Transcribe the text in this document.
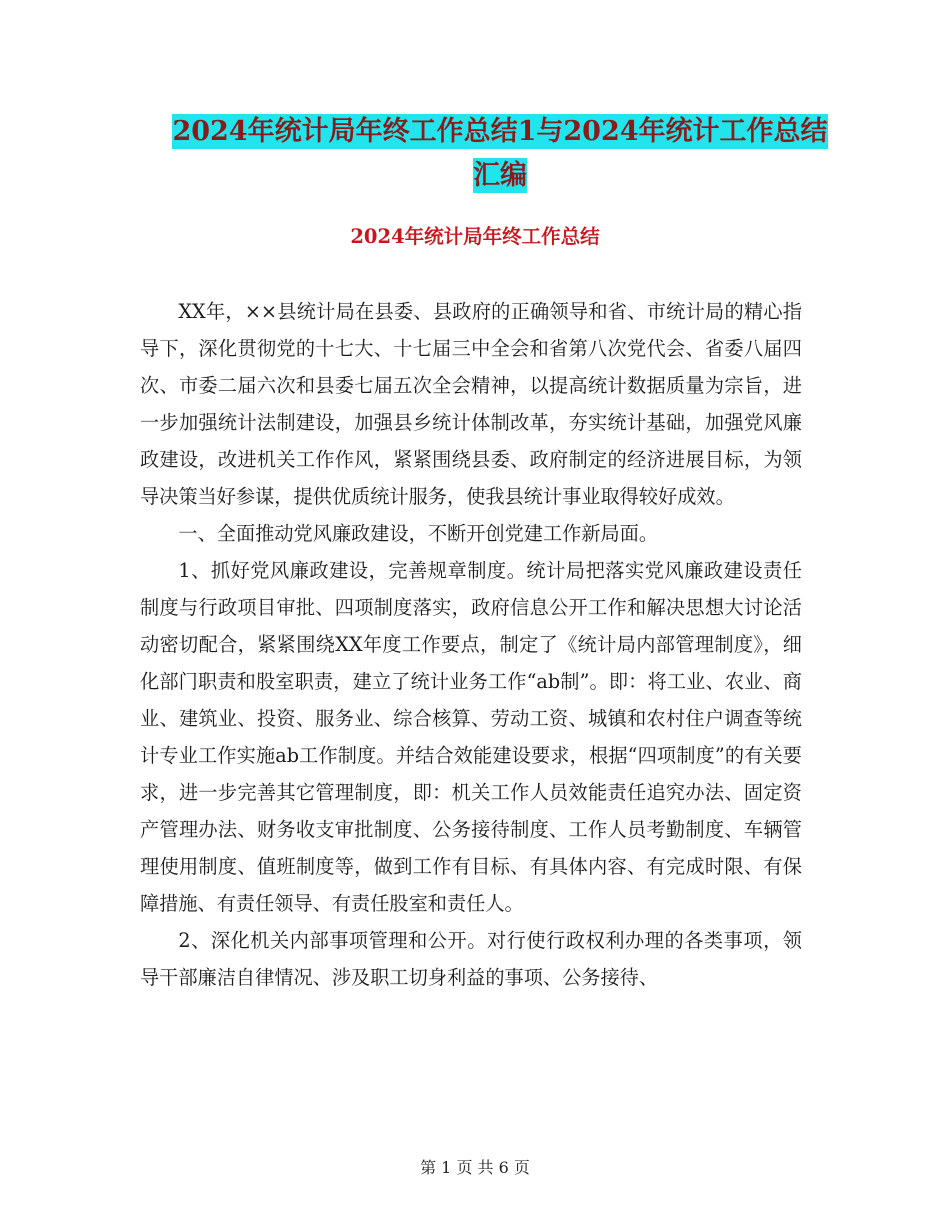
2024年统计局年终工作总结1与2024年统计工作总结
汇编
2024年统计局年终工作总结

XX年，××县统计局在县委、县政府的正确领导和省、市统计局的精心指导下，深化贯彻党的十七大、十七届三中全会和省第八次党代会、省委八届四次、市委二届六次和县委七届五次全会精神，以提高统计数据质量为宗旨，进一步加强统计法制建设，加强县乡统计体制改革，夯实统计基础，加强党风廉政建设，改进机关工作作风，紧紧围绕县委、政府制定的经济进展目标，为领导决策当好参谋，提供优质统计服务，使我县统计事业取得较好成效。

一、全面推动党风廉政建设，不断开创党建工作新局面。

1、抓好党风廉政建设，完善规章制度。统计局把落实党风廉政建设责任制度与行政项目审批、四项制度落实，政府信息公开工作和解决思想大讨论活动密切配合，紧紧围绕XX年度工作要点，制定了《统计局内部管理制度》，细化部门职责和股室职责，建立了统计业务工作“ab制”。即：将工业、农业、商业、建筑业、投资、服务业、综合核算、劳动工资、城镇和农村住户调查等统计专业工作实施ab工作制度。并结合效能建设要求，根据“四项制度”的有关要求，进一步完善其它管理制度，即：机关工作人员效能责任追究办法、固定资产管理办法、财务收支审批制度、公务接待制度、工作人员考勤制度、车辆管理使用制度、值班制度等，做到工作有目标、有具体内容、有完成时限、有保障措施、有责任领导、有责任股室和责任人。

2、深化机关内部事项管理和公开。对行使行政权利办理的各类事项，领导干部廉洁自律情况、涉及职工切身利益的事项、公务接待、

第 1 页 共 6 页
